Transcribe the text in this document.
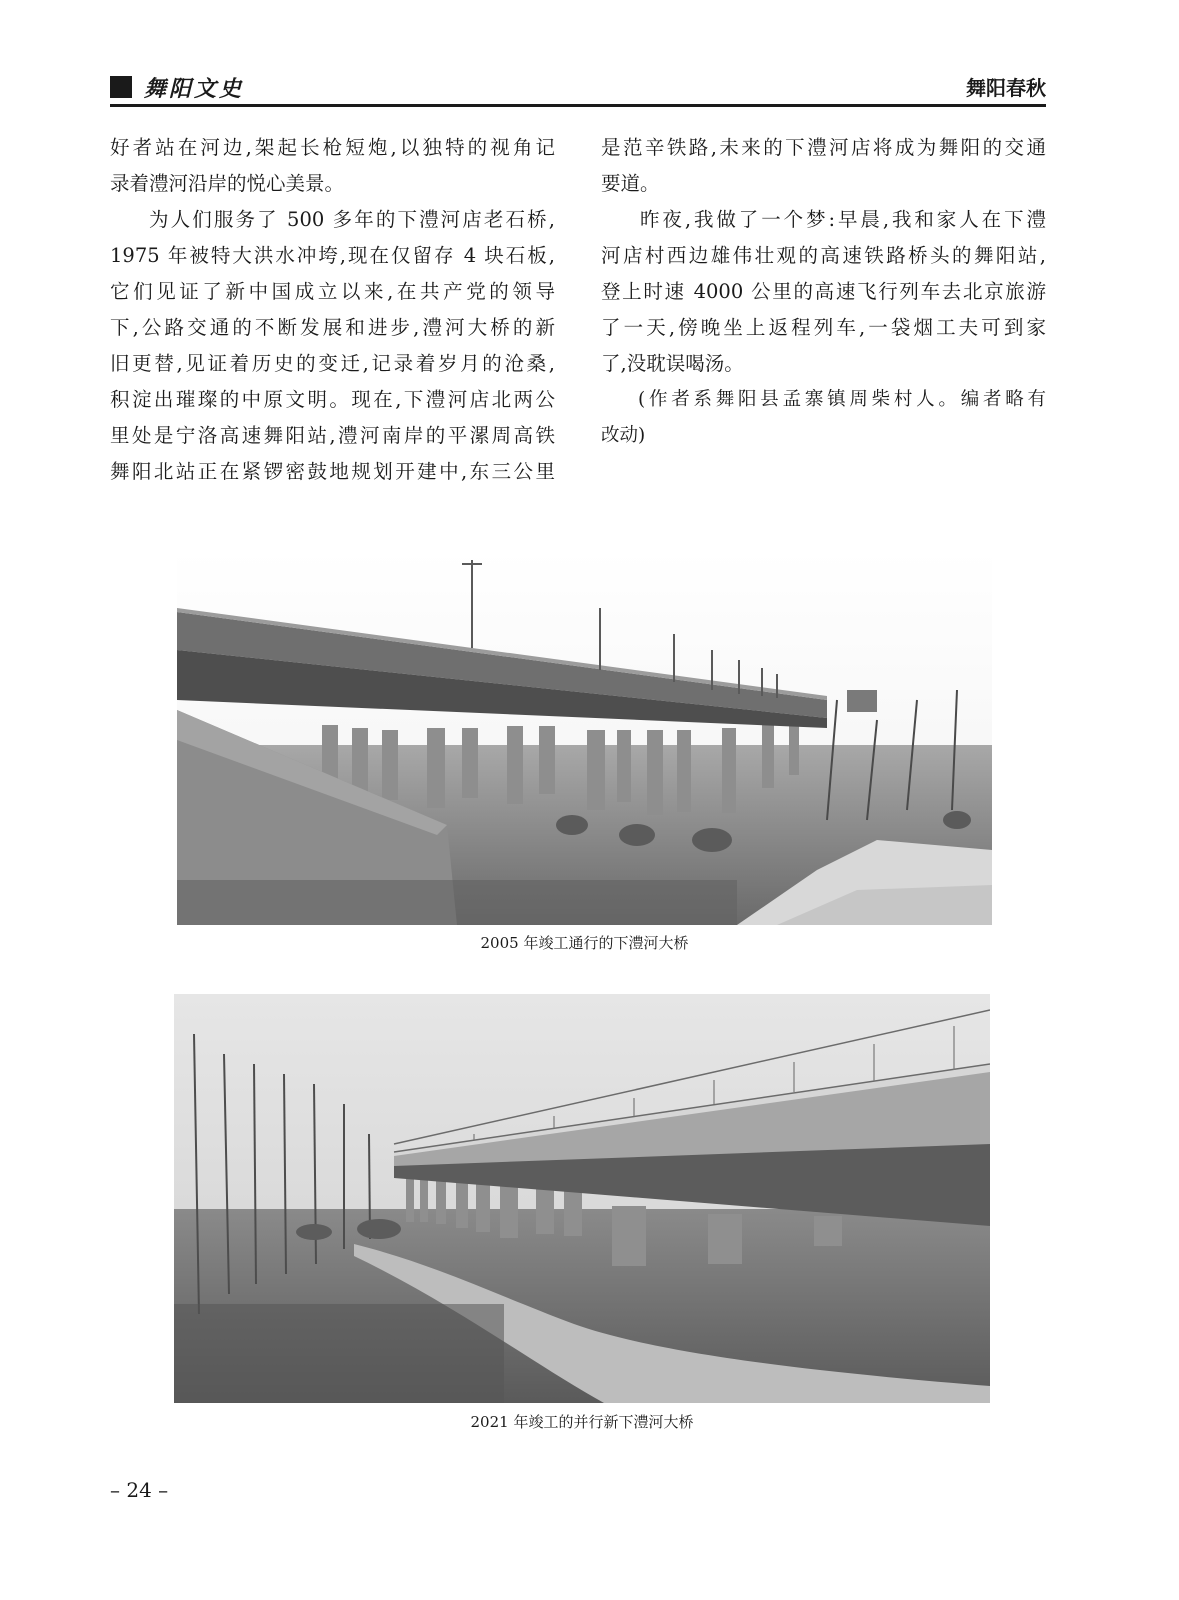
舞阳文史	舞阳春秋
好者站在河边,架起长枪短炮,以独特的视角记
录着澧河沿岸的悦心美景。
为人们服务了 500 多年的下澧河店老石桥,
1975 年被特大洪水冲垮,现在仅留存 4 块石板,
它们见证了新中国成立以来,在共产党的领导
下,公路交通的不断发展和进步,澧河大桥的新
旧更替,见证着历史的变迁,记录着岁月的沧桑,
积淀出璀璨的中原文明。现在,下澧河店北两公
里处是宁洛高速舞阳站,澧河南岸的平漯周高铁
舞阳北站正在紧锣密鼓地规划开建中,东三公里
是范辛铁路,未来的下澧河店将成为舞阳的交通
要道。
昨夜,我做了一个梦:早晨,我和家人在下澧
河店村西边雄伟壮观的高速铁路桥头的舞阳站,
登上时速 4000 公里的高速飞行列车去北京旅游
了一天,傍晚坐上返程列车,一袋烟工夫可到家
了,没耽误喝汤。
(作者系舞阳县孟寨镇周柴村人。编者略有
改动)
2005 年竣工通行的下澧河大桥
2021 年竣工的并行新下澧河大桥
– 24 –
